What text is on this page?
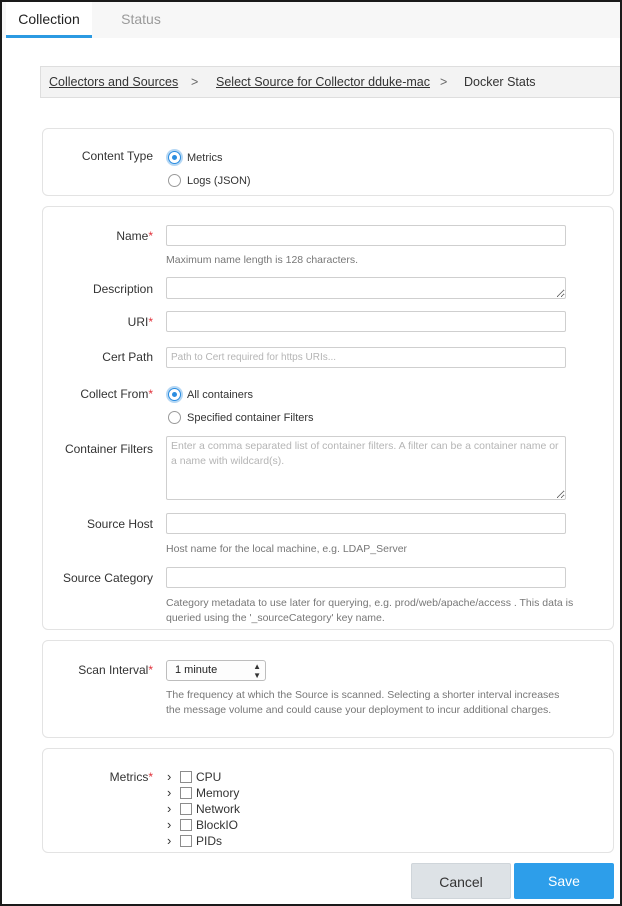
Collection	Status
Collectors and Sources > Select Source for Collector dduke-mac > Docker Stats
Content Type	Metrics
Logs (JSON)
Name*
Maximum name length is 128 characters.
Description
URI*
Cert Path
Path to Cert required for https URIs...
Collect From*	All containers
Specified container Filters
Container Filters
Enter a comma separated list of container filters. A filter can be a container name or a name with wildcard(s).
Source Host
Host name for the local machine, e.g. LDAP_Server
Source Category
Category metadata to use later for querying, e.g. prod/web/apache/access . This data is queried using the '_sourceCategory' key name.
Scan Interval*	1 minute	▲
▼
The frequency at which the Source is scanned. Selecting a shorter interval increases the message volume and could cause your deployment to incur additional charges.
Metrics* ›	CPU
›	Memory
›	Network
›	BlockIO
›	PIDs
Cancel	Save
